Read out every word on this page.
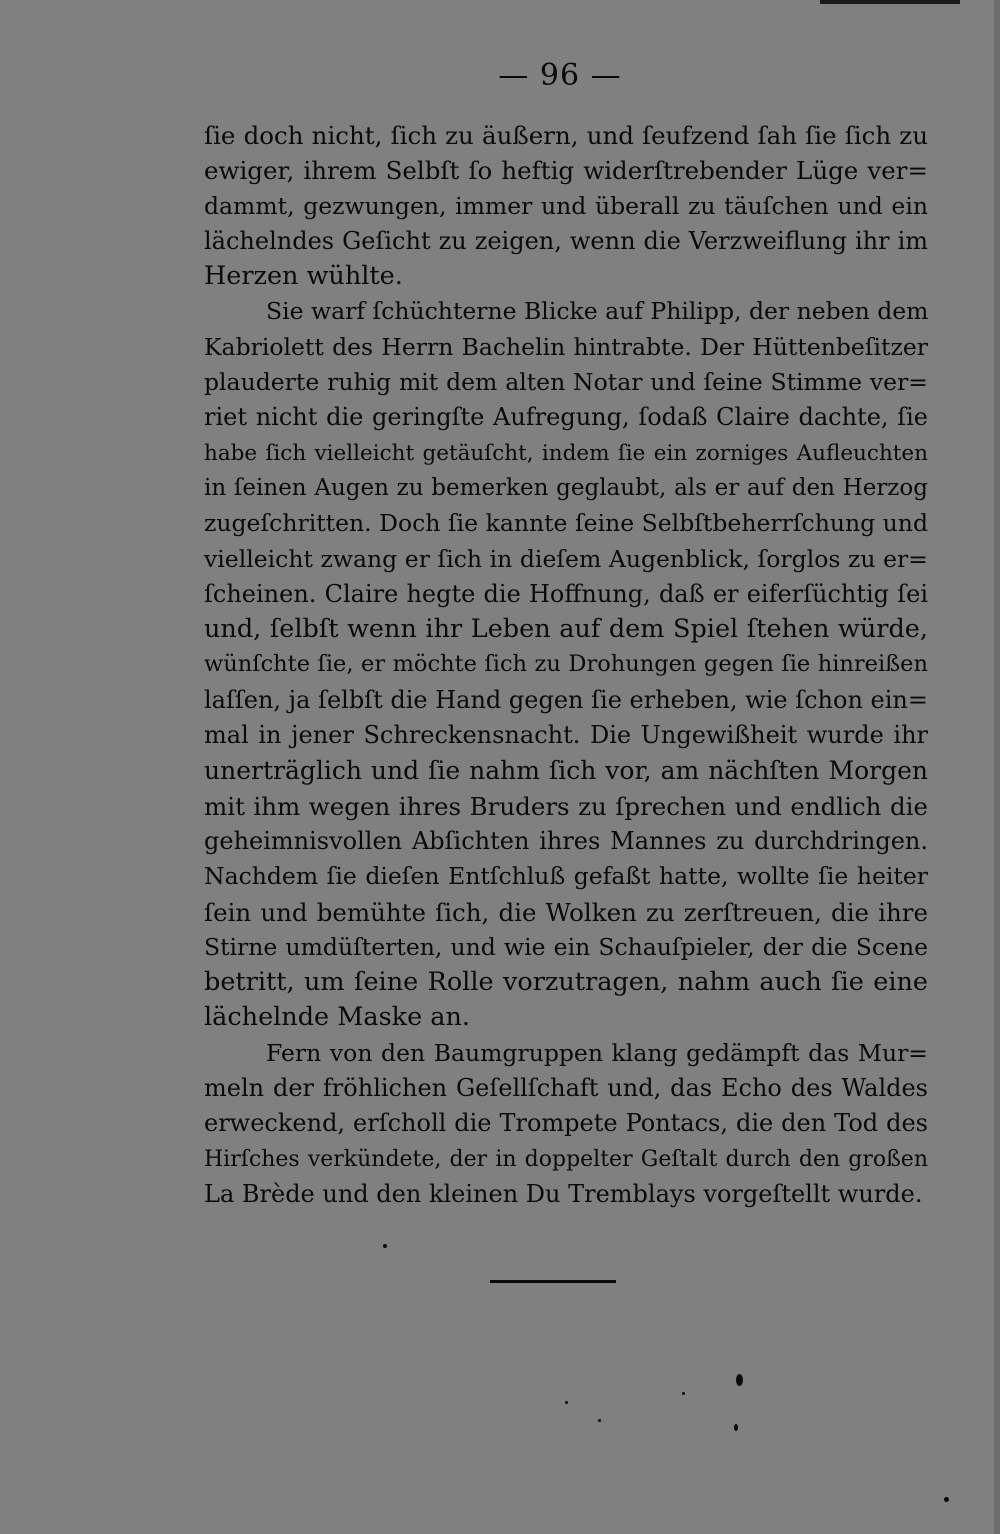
— 96 —
ſie doch nicht, ſich zu äußern, und ſeufzend ſah ſie ſich zu
ewiger, ihrem Selbſt ſo heftig widerſtrebender Lüge ver=
dammt, gezwungen, immer und überall zu täuſchen und ein
lächelndes Geſicht zu zeigen, wenn die Verzweiflung ihr im
Herzen wühlte.
Sie warf ſchüchterne Blicke auf Philipp, der neben dem
Kabriolett des Herrn Bachelin hintrabte. Der Hüttenbeſitzer
plauderte ruhig mit dem alten Notar und ſeine Stimme ver=
riet nicht die geringſte Aufregung, ſodaß Claire dachte, ſie
habe ſich vielleicht getäuſcht, indem ſie ein zorniges Aufleuchten
in ſeinen Augen zu bemerken geglaubt, als er auf den Herzog
zugeſchritten. Doch ſie kannte ſeine Selbſtbeherrſchung und
vielleicht zwang er ſich in dieſem Augenblick, ſorglos zu er=
ſcheinen. Claire hegte die Hoffnung, daß er eiferſüchtig ſei
und, ſelbſt wenn ihr Leben auf dem Spiel ſtehen würde,
wünſchte ſie, er möchte ſich zu Drohungen gegen ſie hinreißen
laſſen, ja ſelbſt die Hand gegen ſie erheben, wie ſchon ein=
mal in jener Schreckensnacht. Die Ungewißheit wurde ihr
unerträglich und ſie nahm ſich vor, am nächſten Morgen
mit ihm wegen ihres Bruders zu ſprechen und endlich die
geheimnisvollen Abſichten ihres Mannes zu durchdringen.
Nachdem ſie dieſen Entſchluß gefaßt hatte, wollte ſie heiter
ſein und bemühte ſich, die Wolken zu zerſtreuen, die ihre
Stirne umdüſterten, und wie ein Schauſpieler, der die Scene
betritt, um ſeine Rolle vorzutragen, nahm auch ſie eine
lächelnde Maske an.
Fern von den Baumgruppen klang gedämpft das Mur=
meln der fröhlichen Geſellſchaft und, das Echo des Waldes
erweckend, erſcholl die Trompete Pontacs, die den Tod des
Hirſches verkündete, der in doppelter Geſtalt durch den großen
La Brède und den kleinen Du Tremblays vorgeſtellt wurde.
